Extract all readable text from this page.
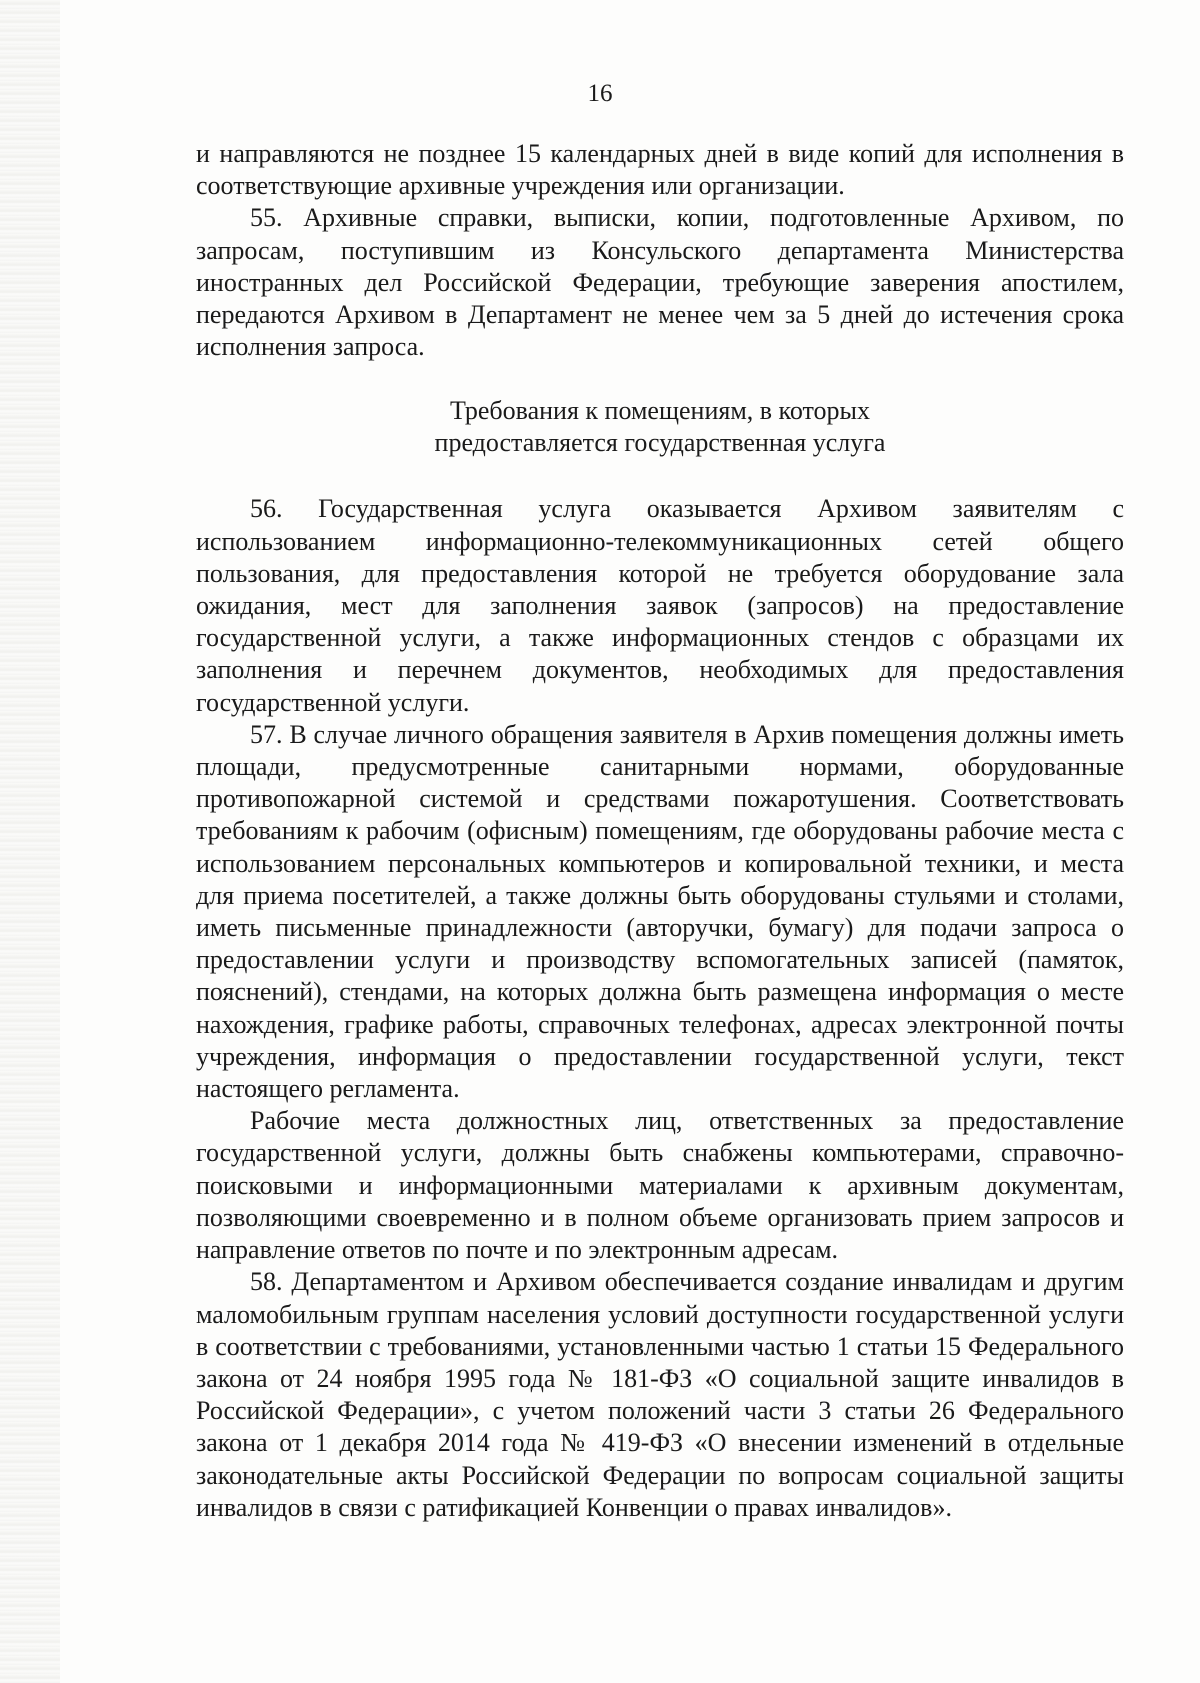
16

и направляются не позднее 15 календарных дней в виде копий для исполнения в соответствующие архивные учреждения или организации.

55. Архивные справки, выписки, копии, подготовленные Архивом, по запросам, поступившим из Консульского департамента Министерства иностранных дел Российской Федерации, требующие заверения апостилем, передаются Архивом в Департамент не менее чем за 5 дней до истечения срока исполнения запроса.

Требования к помещениям, в которых
предоставляется государственная услуга

56. Государственная услуга оказывается Архивом заявителям с использованием информационно-телекоммуникационных сетей общего пользования, для предоставления которой не требуется оборудование зала ожидания, мест для заполнения заявок (запросов) на предоставление государственной услуги, а также информационных стендов с образцами их заполнения и перечнем документов, необходимых для предоставления государственной услуги.

57. В случае личного обращения заявителя в Архив помещения должны иметь площади, предусмотренные санитарными нормами, оборудованные противопожарной системой и средствами пожаротушения. Соответствовать требованиям к рабочим (офисным) помещениям, где оборудованы рабочие места с использованием персональных компьютеров и копировальной техники, и места для приема посетителей, а также должны быть оборудованы стульями и столами, иметь письменные принадлежности (авторучки, бумагу) для подачи запроса о предоставлении услуги и производству вспомогательных записей (памяток, пояснений), стендами, на которых должна быть размещена информация о месте нахождения, графике работы, справочных телефонах, адресах электронной почты учреждения, информация о предоставлении государственной услуги, текст настоящего регламента.

Рабочие места должностных лиц, ответственных за предоставление государственной услуги, должны быть снабжены компьютерами, справочно-поисковыми и информационными материалами к архивным документам, позволяющими своевременно и в полном объеме организовать прием запросов и направление ответов по почте и по электронным адресам.

58. Департаментом и Архивом обеспечивается создание инвалидам и другим маломобильным группам населения условий доступности государственной услуги в соответствии с требованиями, установленными частью 1 статьи 15 Федерального закона от 24 ноября 1995 года № 181-ФЗ «О социальной защите инвалидов в Российской Федерации», с учетом положений части 3 статьи 26 Федерального закона от 1 декабря 2014 года № 419-ФЗ «О внесении изменений в отдельные законодательные акты Российской Федерации по вопросам социальной защиты инвалидов в связи с ратификацией Конвенции о правах инвалидов».
